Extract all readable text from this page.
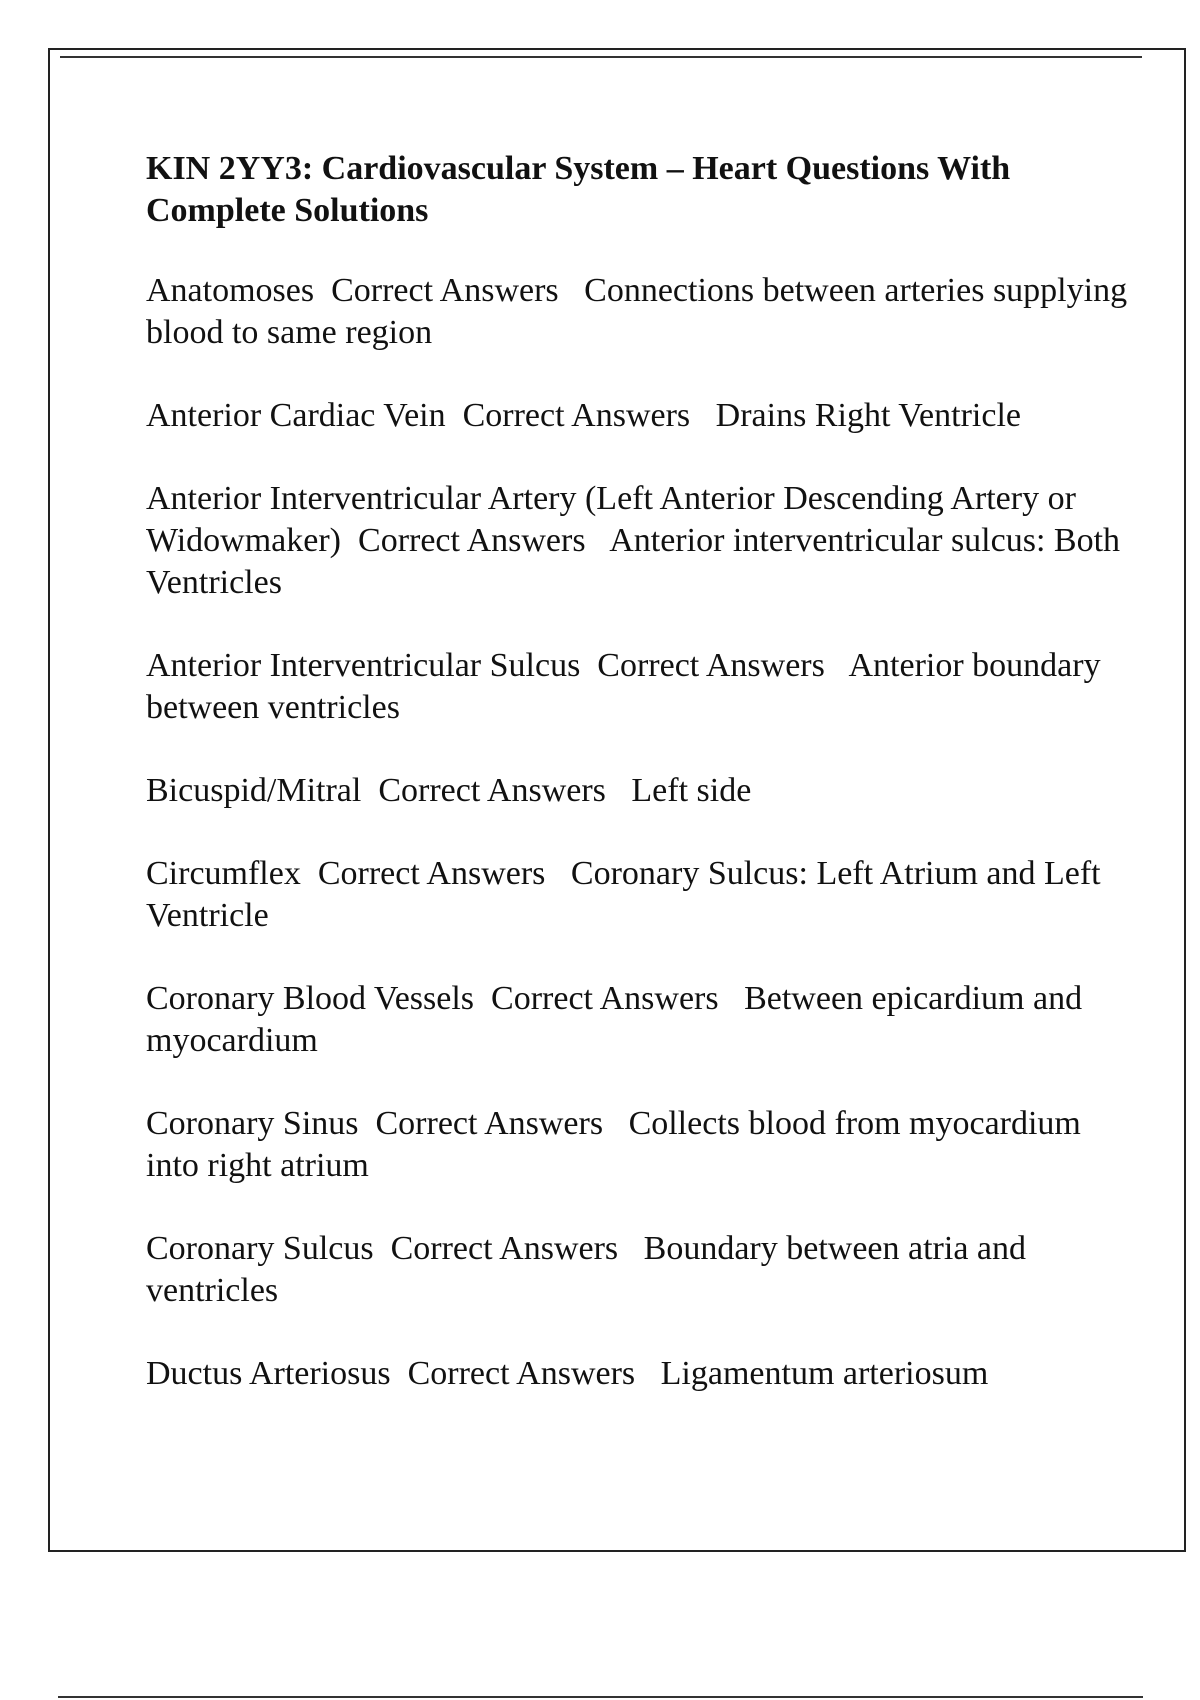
KIN 2YY3: Cardiovascular System – Heart Questions With Complete Solutions
Anatomoses Correct Answers Connections between arteries supplying blood to same region
Anterior Cardiac Vein Correct Answers Drains Right Ventricle
Anterior Interventricular Artery (Left Anterior Descending Artery or Widowmaker) Correct Answers Anterior interventricular sulcus: Both Ventricles
Anterior Interventricular Sulcus Correct Answers Anterior boundary between ventricles
Bicuspid/Mitral Correct Answers Left side
Circumflex Correct Answers Coronary Sulcus: Left Atrium and Left Ventricle
Coronary Blood Vessels Correct Answers Between epicardium and myocardium
Coronary Sinus Correct Answers Collects blood from myocardium into right atrium
Coronary Sulcus Correct Answers Boundary between atria and ventricles
Ductus Arteriosus Correct Answers Ligamentum arteriosum
